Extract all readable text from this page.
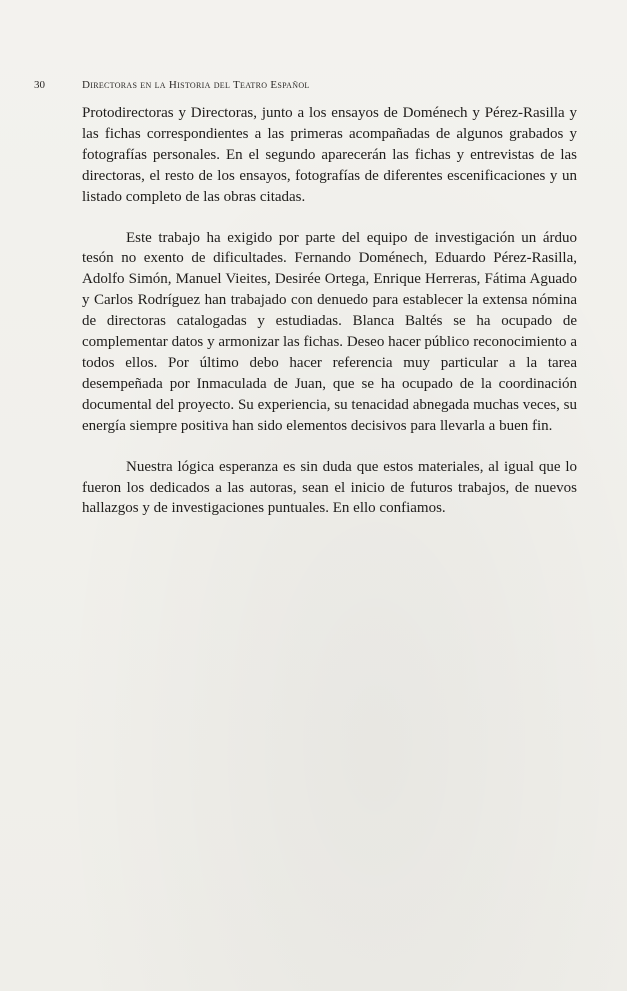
30	Directoras en la Historia del Teatro Español

Protodirectoras y Directoras, junto a los ensayos de Doménech y Pérez-Rasilla y las fichas correspondientes a las primeras acompañadas de algunos grabados y fotografías personales. En el segundo aparecerán las fichas y entrevistas de las directoras, el resto de los ensayos, fotografías de diferentes escenificaciones y un listado completo de las obras citadas.

Este trabajo ha exigido por parte del equipo de investigación un árduo tesón no exento de dificultades. Fernando Doménech, Eduardo Pérez-Rasilla, Adolfo Simón, Manuel Vieites, Desirée Ortega, Enrique Herreras, Fátima Aguado y Carlos Rodríguez han trabajado con denuedo para establecer la extensa nómina de directoras catalogadas y estudiadas. Blanca Baltés se ha ocupado de complementar datos y armonizar las fichas. Deseo hacer público reconocimiento a todos ellos. Por último debo hacer referencia muy particular a la tarea desempeñada por Inmaculada de Juan, que se ha ocupado de la coordinación documental del proyecto. Su experiencia, su tenacidad abnegada muchas veces, su energía siempre positiva han sido elementos decisivos para llevarla a buen fin.

Nuestra lógica esperanza es sin duda que estos materiales, al igual que lo fueron los dedicados a las autoras, sean el inicio de futuros trabajos, de nuevos hallazgos y de investigaciones puntuales. En ello confiamos.
